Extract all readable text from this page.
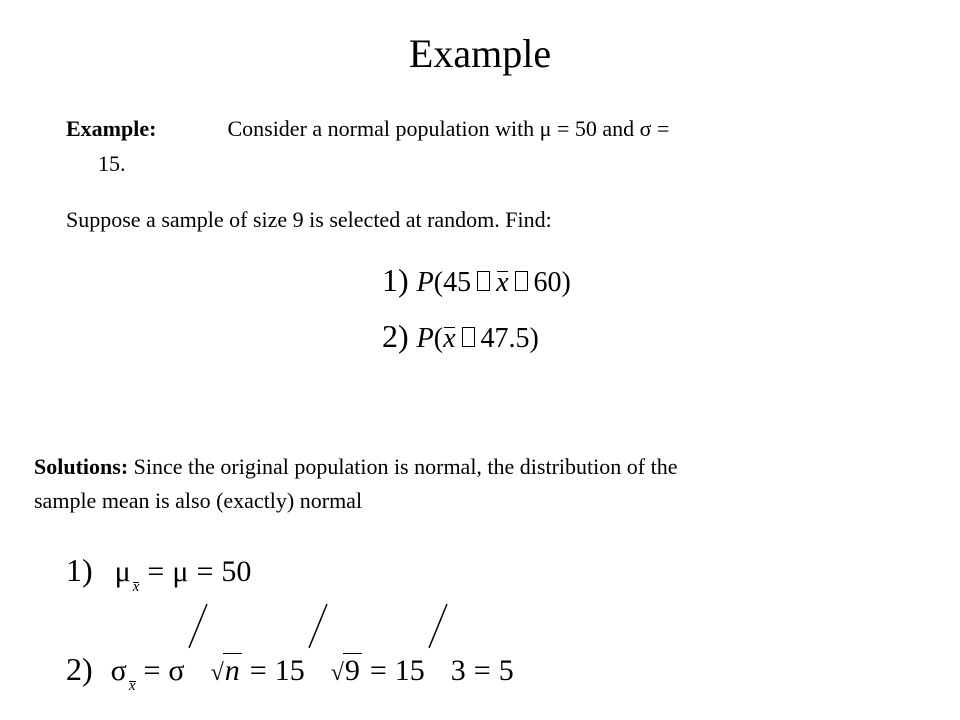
Example
Example:	Consider a normal population with μ = 50 and σ =
15.
Suppose a sample of size 9 is selected at random. Find:
1) P ( 45 x 60 )
2) P ( x 47.5 )
Solutions: Since the original population is normal, the distribution of the
sample mean is also (exactly) normal
1) μ x = μ = 50
2) σ x = σ √ n = 15 √ 9 = 15 3 = 5
